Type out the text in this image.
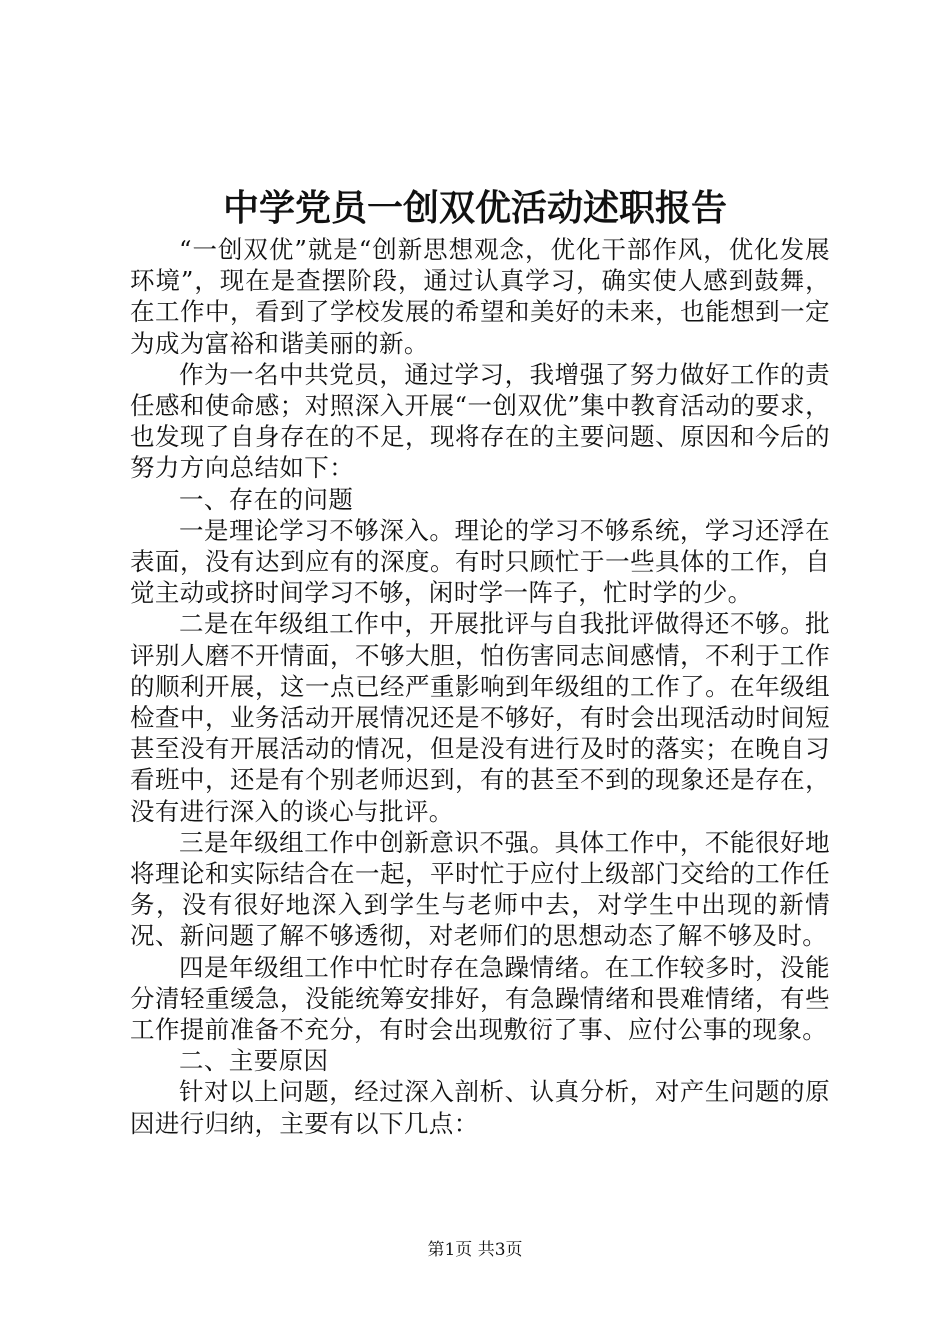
中学党员一创双优活动述职报告

“一创双优”就是“创新思想观念，优化干部作风，优化发展环境”，现在是查摆阶段，通过认真学习，确实使人感到鼓舞，在工作中，看到了学校发展的希望和美好的未来，也能想到一定为成为富裕和谐美丽的新。

作为一名中共党员，通过学习，我增强了努力做好工作的责任感和使命感；对照深入开展“一创双优”集中教育活动的要求，也发现了自身存在的不足，现将存在的主要问题、原因和今后的努力方向总结如下：

一、存在的问题

一是理论学习不够深入。理论的学习不够系统，学习还浮在表面，没有达到应有的深度。有时只顾忙于一些具体的工作，自觉主动或挤时间学习不够，闲时学一阵子，忙时学的少。

二是在年级组工作中，开展批评与自我批评做得还不够。批评别人磨不开情面，不够大胆，怕伤害同志间感情，不利于工作的顺利开展，这一点已经严重影响到年级组的工作了。在年级组检查中，业务活动开展情况还是不够好，有时会出现活动时间短甚至没有开展活动的情况，但是没有进行及时的落实；在晚自习看班中，还是有个别老师迟到，有的甚至不到的现象还是存在，没有进行深入的谈心与批评。

三是年级组工作中创新意识不强。具体工作中，不能很好地将理论和实际结合在一起，平时忙于应付上级部门交给的工作任务，没有很好地深入到学生与老师中去，对学生中出现的新情况、新问题了解不够透彻，对老师们的思想动态了解不够及时。

四是年级组工作中忙时存在急躁情绪。在工作较多时，没能分清轻重缓急，没能统筹安排好，有急躁情绪和畏难情绪，有些工作提前准备不充分，有时会出现敷衍了事、应付公事的现象。

二、主要原因

针对以上问题，经过深入剖析、认真分析，对产生问题的原因进行归纳，主要有以下几点：

第1页 共3页
